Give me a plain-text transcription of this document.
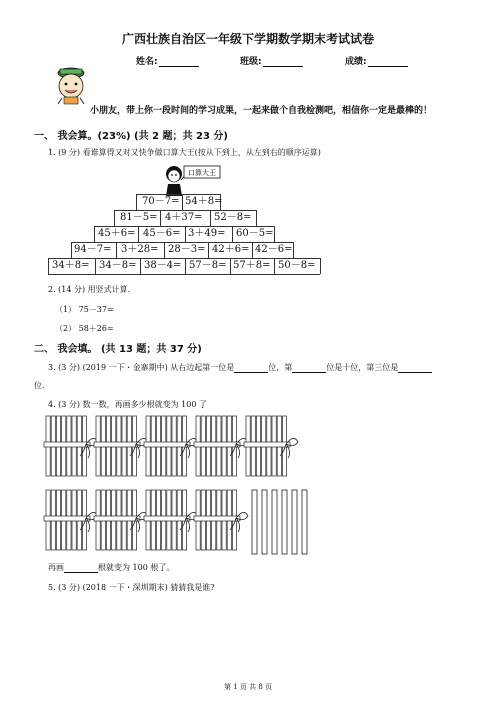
广西壮族自治区一年级下学期数学期末考试试卷
姓名:	班级:	成绩:
小朋友，带上你一段时间的学习成果，一起来做个自我检测吧，相信你一定是最棒的！
一、 我会算。(23%) (共 2 题；共 23 分)
1. (9 分) 看谁算得又对又快争做口算大王(按从下到上，从左到右的顺序运算)
口算大王
70－7= 54＋8=
81－5= 4＋37= 52－8=
45＋6= 45－6= 3＋49= 60－5=
94－7= 3＋28= 28－3= 42＋6= 42－6=
34＋8= 34－8= 38－4= 57－8= 57＋8= 50－8=
2. (14 分) 用竖式计算.
（1） 75－37=
（2） 58＋26=
二、 我会填。 (共 13 题；共 37 分)
3. (3 分) (2019 一下・金寨期中) 从右边起第一位是	位，第	位是十位，第三位是
位.
4. (3 分) 数一数，再画多少根就变为 100 了
再画	根就变为 100 根了。
5. (3 分) (2018 一下・深圳期末) 猜猜我是谁?
第 1 页 共 8 页
